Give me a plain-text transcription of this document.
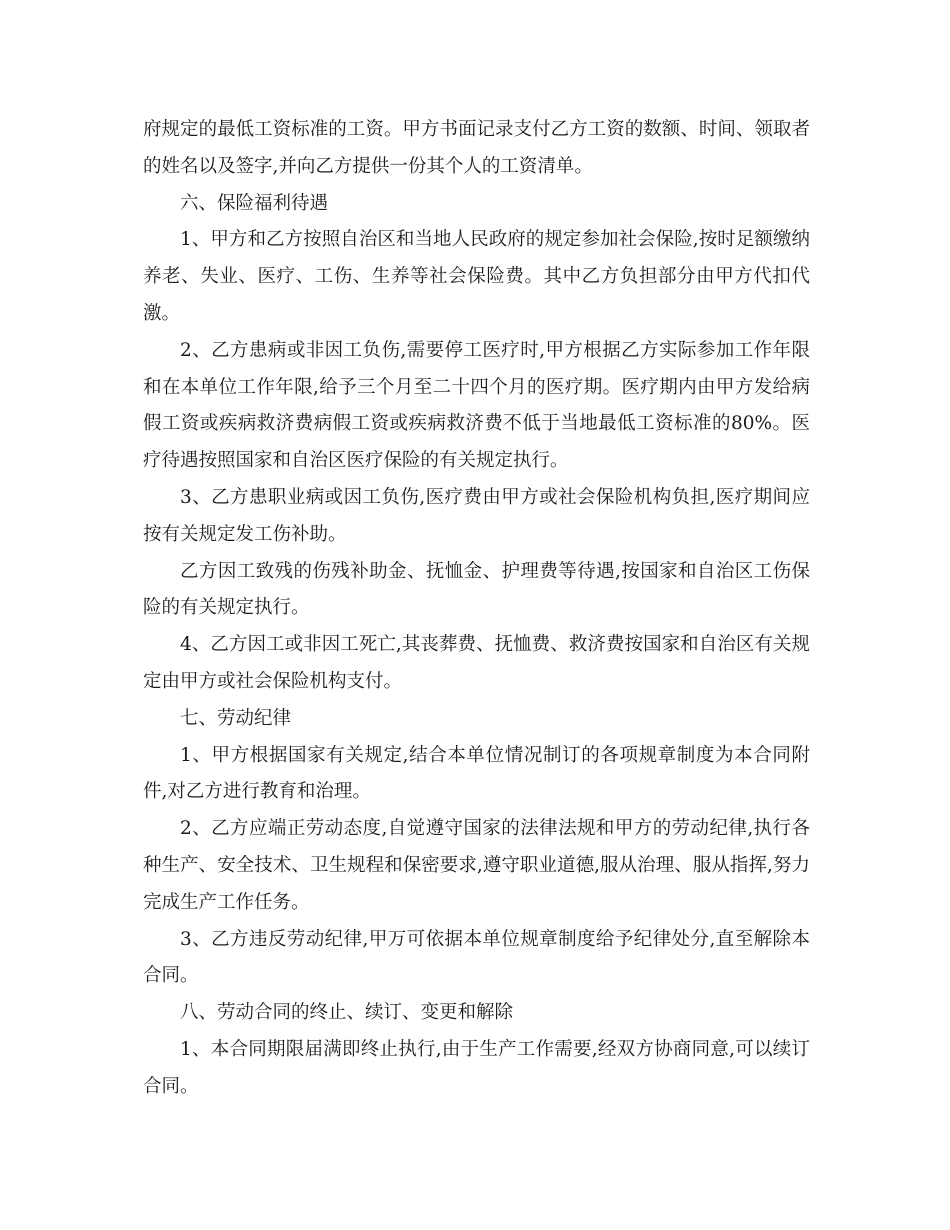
府规定的最低工资标准的工资。甲方书面记录支付乙方工资的数额、时间、领取者的姓名以及签字,并向乙方提供一份其个人的工资清单。

六、保险福利待遇

1、甲方和乙方按照自治区和当地人民政府的规定参加社会保险,按时足额缴纳养老、失业、医疗、工伤、生养等社会保险费。其中乙方负担部分由甲方代扣代激。

2、乙方患病或非因工负伤,需要停工医疗时,甲方根据乙方实际参加工作年限和在本单位工作年限,给予三个月至二十四个月的医疗期。医疗期内由甲方发给病假工资或疾病救济费病假工资或疾病救济费不低于当地最低工资标准的80%。医疗待遇按照国家和自治区医疗保险的有关规定执行。

3、乙方患职业病或因工负伤,医疗费由甲方或社会保险机构负担,医疗期间应按有关规定发工伤补助。

乙方因工致残的伤残补助金、抚恤金、护理费等待遇,按国家和自治区工伤保险的有关规定执行。

4、乙方因工或非因工死亡,其丧葬费、抚恤费、救济费按国家和自治区有关规定由甲方或社会保险机构支付。

七、劳动纪律

1、甲方根据国家有关规定,结合本单位情况制订的各项规章制度为本合同附件,对乙方进行教育和治理。

2、乙方应端正劳动态度,自觉遵守国家的法律法规和甲方的劳动纪律,执行各种生产、安全技术、卫生规程和保密要求,遵守职业道德,服从治理、服从指挥,努力完成生产工作任务。

3、乙方违反劳动纪律,甲万可依据本单位规章制度给予纪律处分,直至解除本合同。

八、劳动合同的终止、续订、变更和解除

1、本合同期限届满即终止执行,由于生产工作需要,经双方协商同意,可以续订合同。
